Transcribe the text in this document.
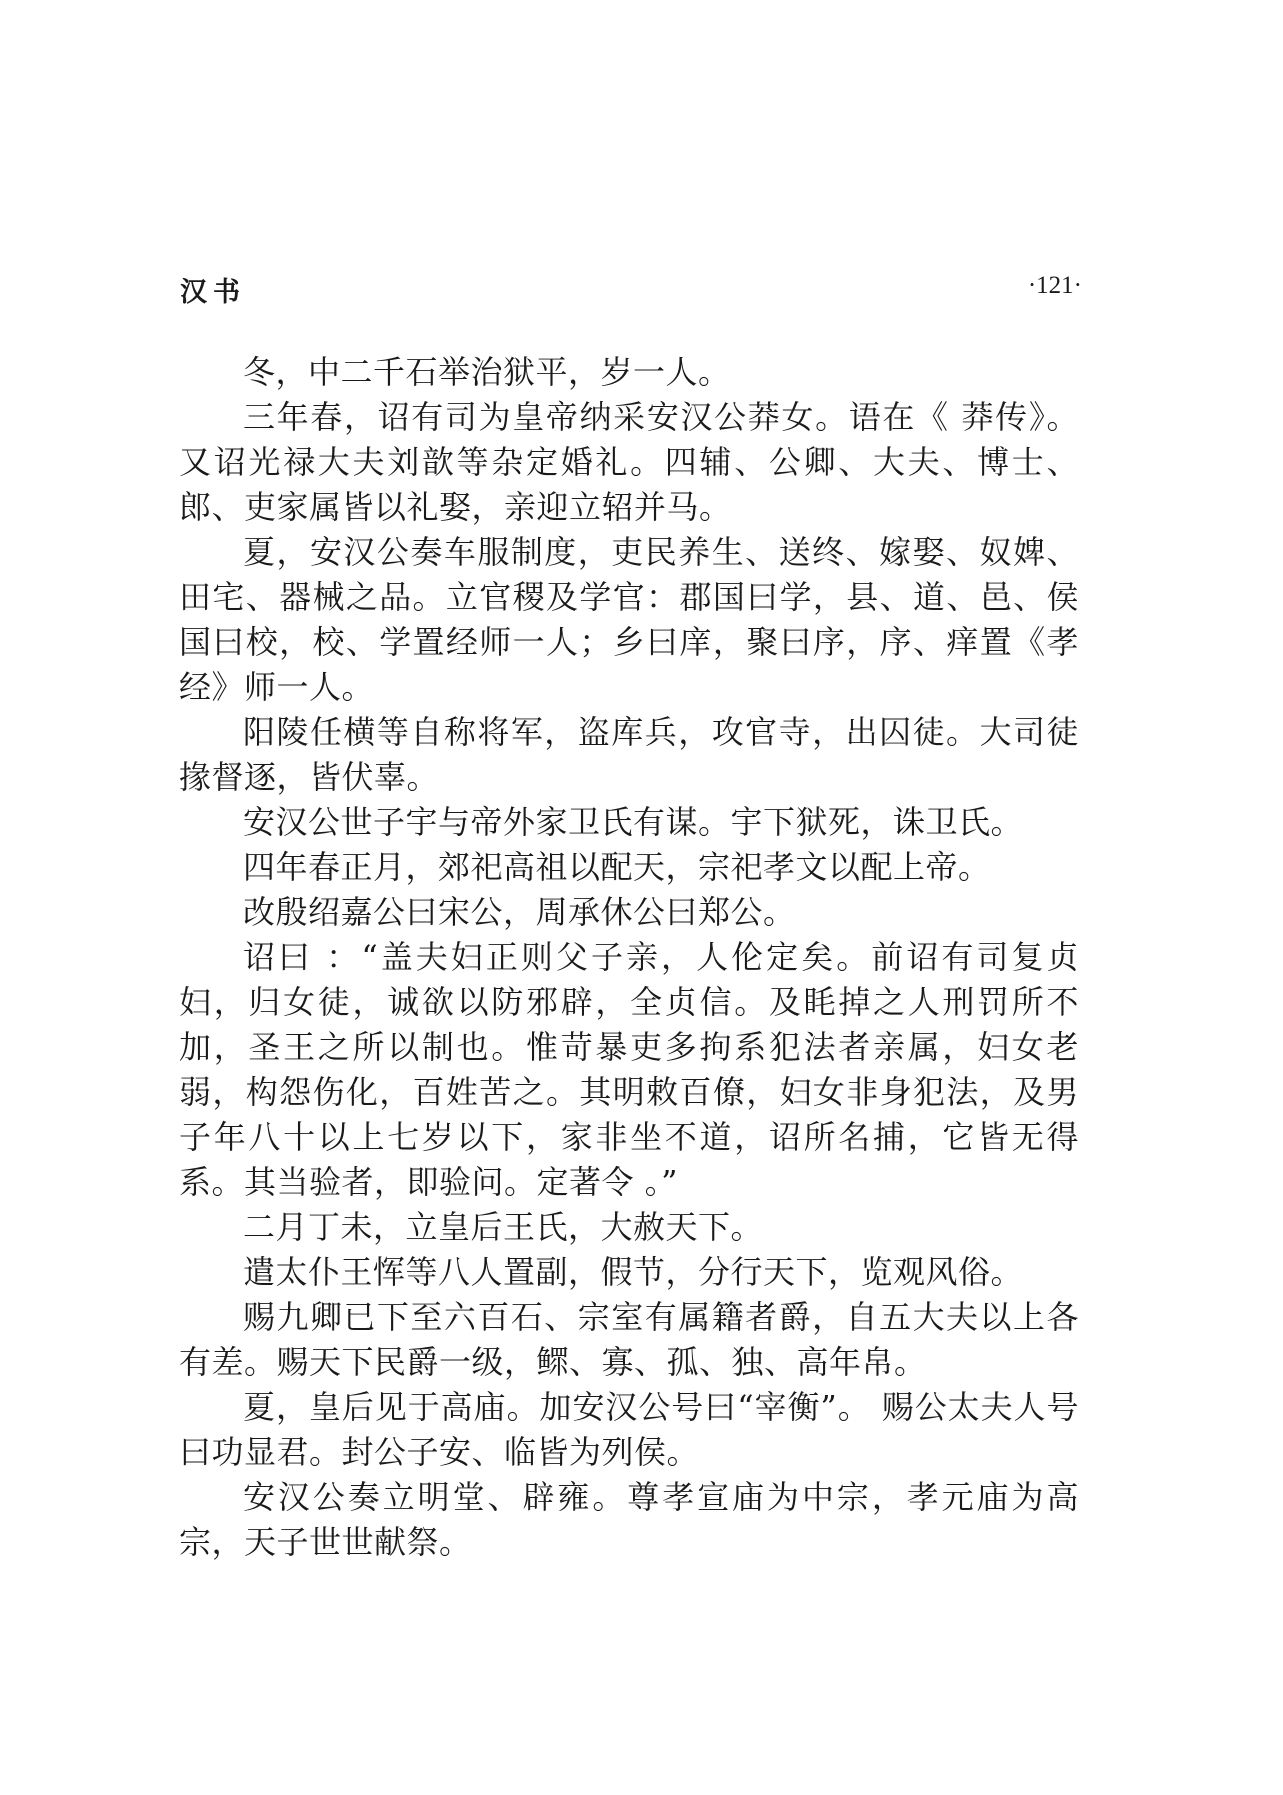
汉书	·121·

冬，中二千石举治狱平，岁一人。

三年春，诏有司为皇帝纳采安汉公莽女。语在《 莽传》。又诏光禄大夫刘歆等杂定婚礼。四辅、公卿、大夫、博士、郎、吏家属皆以礼娶，亲迎立轺并马。

夏，安汉公奏车服制度，吏民养生、送终、嫁娶、奴婢、田宅、器械之品。立官稷及学官：郡国曰学，县、道、邑、侯国曰校，校、学置经师一人；乡曰庠，聚曰序，序、痒置《孝经》师一人。

阳陵任横等自称将军，盗库兵，攻官寺，出囚徒。大司徒掾督逐，皆伏辜。

安汉公世子宇与帝外家卫氏有谋。宇下狱死，诛卫氏。

四年春正月，郊祀高祖以配天，宗祀孝文以配上帝。

改殷绍嘉公曰宋公，周承休公曰郑公。

诏曰 ：“盖夫妇正则父子亲，人伦定矣。前诏有司复贞妇，归女徒，诚欲以防邪辟，全贞信。及眊掉之人刑罚所不加，圣王之所以制也。惟苛暴吏多拘系犯法者亲属，妇女老弱，构怨伤化，百姓苦之。其明敕百僚，妇女非身犯法，及男子年八十以上七岁以下，家非坐不道，诏所名捕，它皆无得系。其当验者，即验问。定著令 。”

二月丁未，立皇后王氏，大赦天下。

遣太仆王恽等八人置副，假节，分行天下，览观风俗。

赐九卿已下至六百石、宗室有属籍者爵，自五大夫以上各有差。赐天下民爵一级，鳏、寡、孤、独、高年帛。

夏，皇后见于高庙。加安汉公号曰“宰衡”。 赐公太夫人号曰功显君。封公子安、临皆为列侯。

安汉公奏立明堂、辟雍。尊孝宣庙为中宗，孝元庙为高宗，天子世世献祭。
